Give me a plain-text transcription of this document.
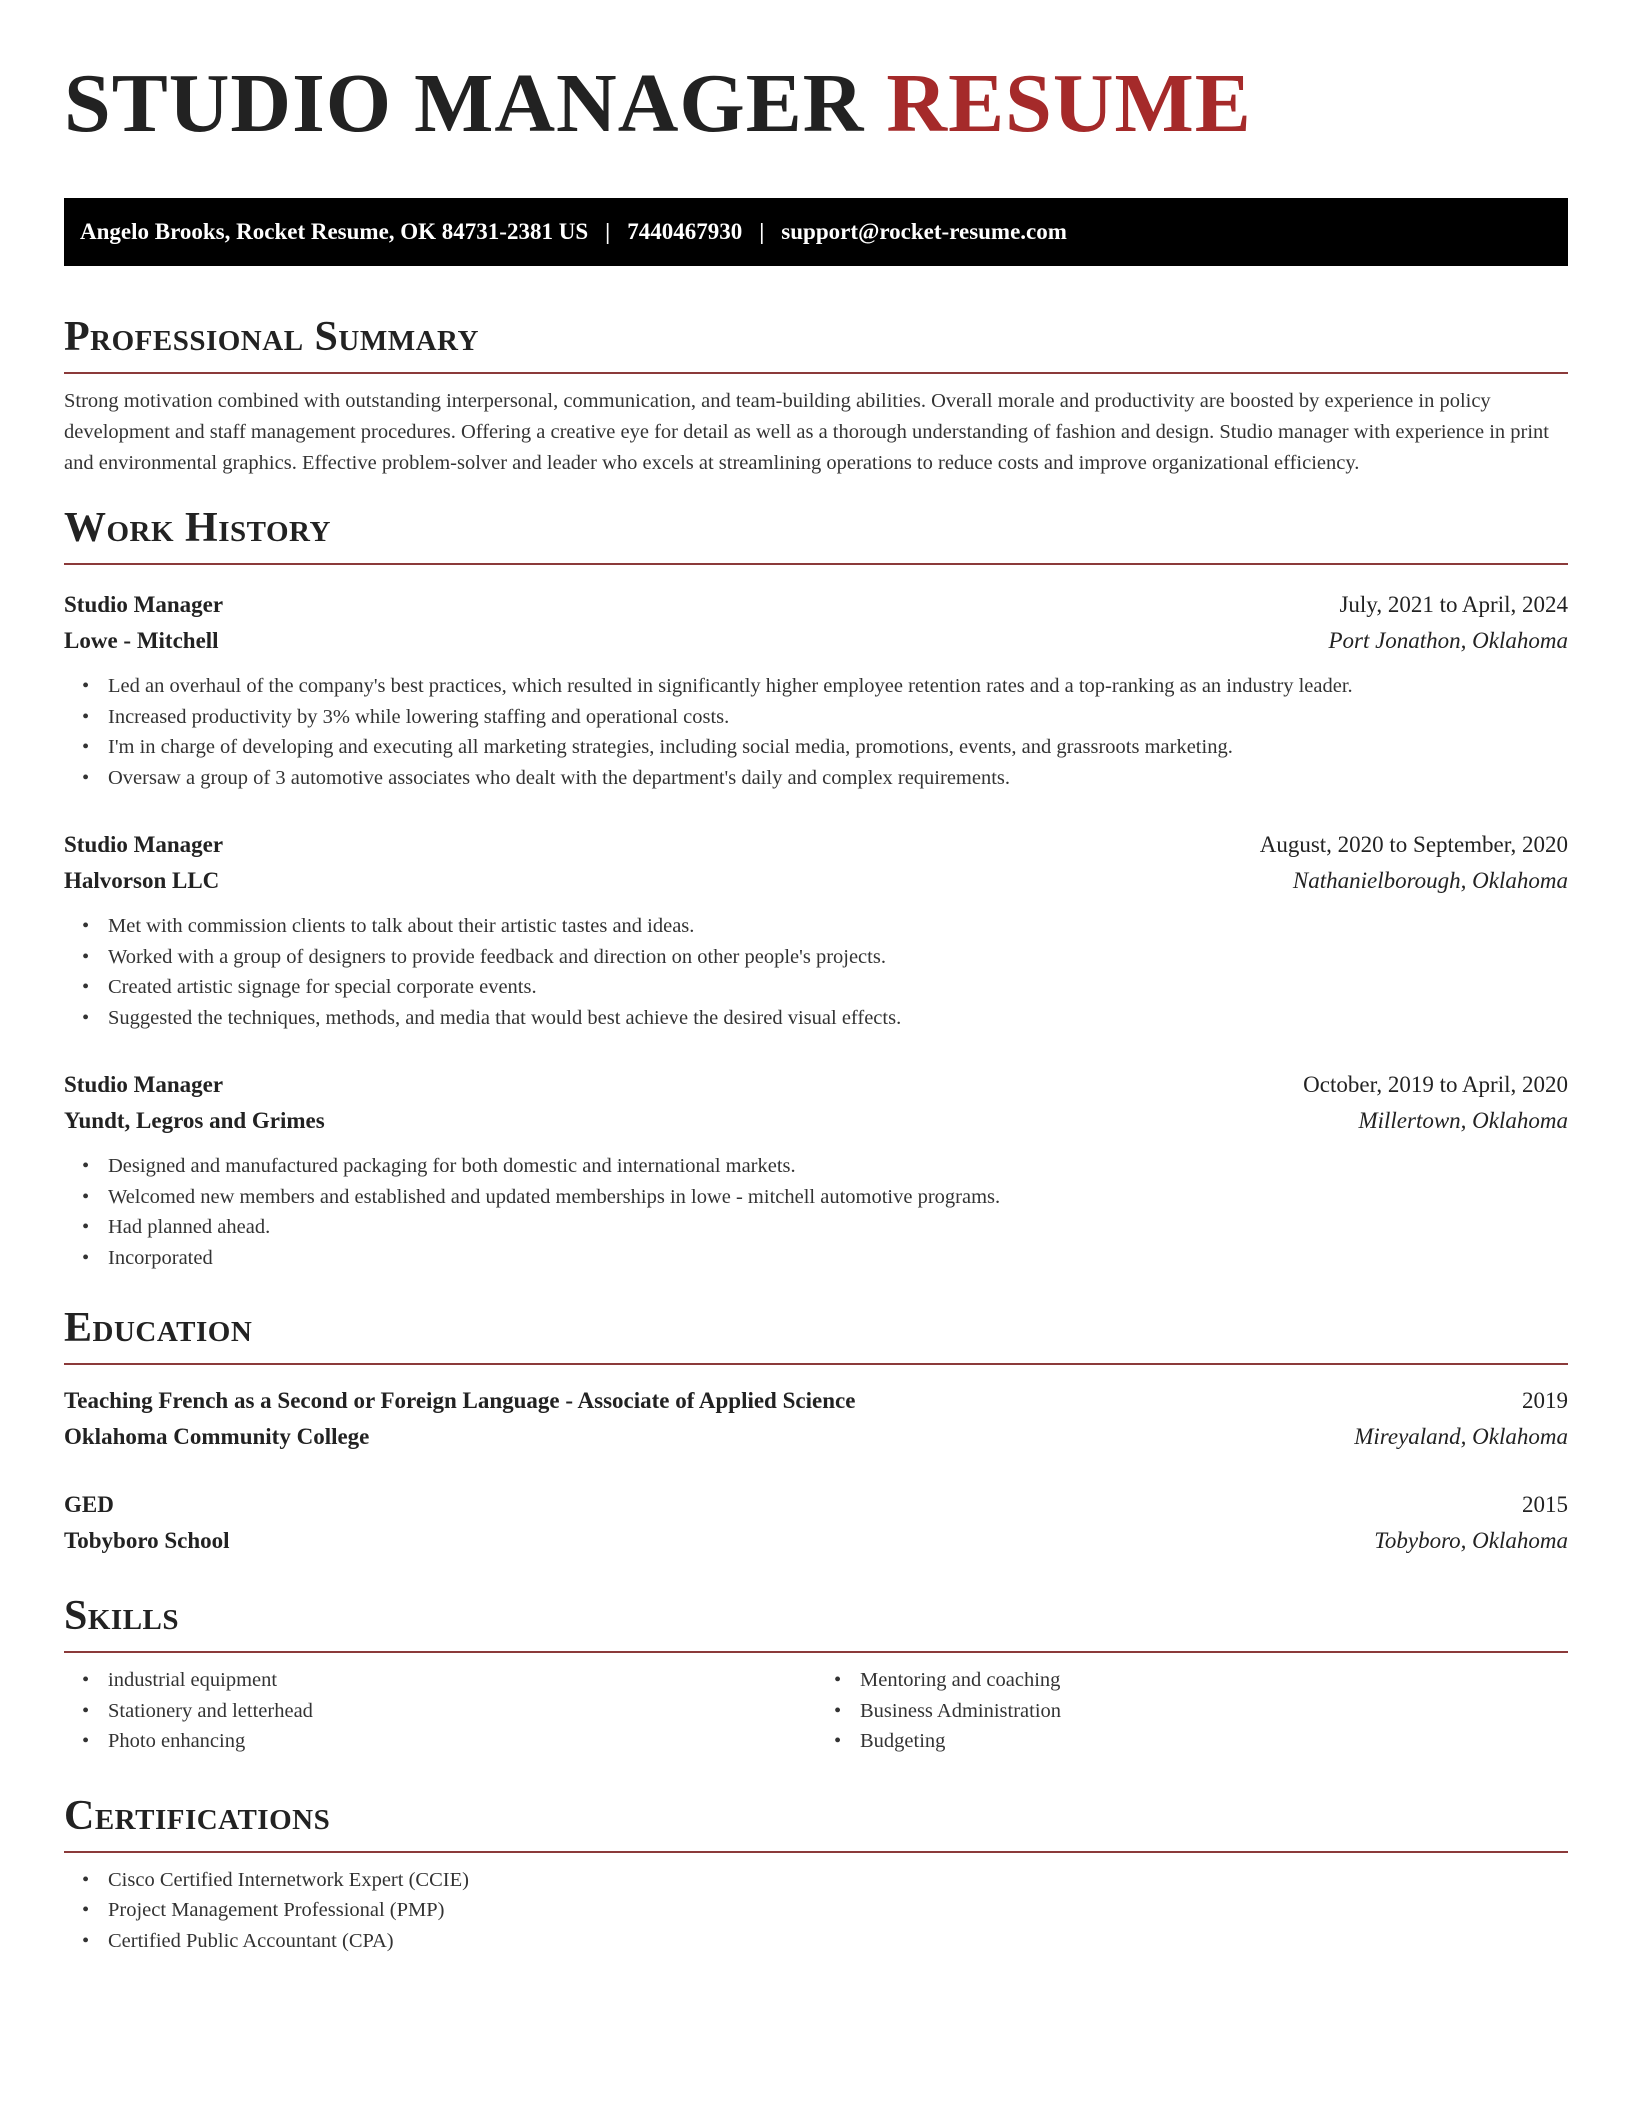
STUDIO MANAGER RESUME
Angelo Brooks, Rocket Resume, OK 84731-2381 US | 7440467930 | support@rocket-resume.com
Professional Summary

Strong motivation combined with outstanding interpersonal, communication, and team-building abilities. Overall morale and productivity are boosted by experience in policy development and staff management procedures. Offering a creative eye for detail as well as a thorough understanding of fashion and design. Studio manager with experience in print and environmental graphics. Effective problem-solver and leader who excels at streamlining operations to reduce costs and improve organizational efficiency.

Work History
Studio Manager	July, 2021 to April, 2024
Lowe - Mitchell	Port Jonathon, Oklahoma
• Led an overhaul of the company's best practices, which resulted in significantly higher employee retention rates and a top-ranking as an industry leader.
• Increased productivity by 3% while lowering staffing and operational costs.
• I'm in charge of developing and executing all marketing strategies, including social media, promotions, events, and grassroots marketing.
• Oversaw a group of 3 automotive associates who dealt with the department's daily and complex requirements.
Studio Manager	August, 2020 to September, 2020
Halvorson LLC	Nathanielborough, Oklahoma
• Met with commission clients to talk about their artistic tastes and ideas.
• Worked with a group of designers to provide feedback and direction on other people's projects.
• Created artistic signage for special corporate events.
• Suggested the techniques, methods, and media that would best achieve the desired visual effects.
Studio Manager	October, 2019 to April, 2020
Yundt, Legros and Grimes	Millertown, Oklahoma
• Designed and manufactured packaging for both domestic and international markets.
• Welcomed new members and established and updated memberships in lowe - mitchell automotive programs.
• Had planned ahead.
• Incorporated
Education
Teaching French as a Second or Foreign Language - Associate of Applied Science	2019
Oklahoma Community College	Mireyaland, Oklahoma
GED	2015
Tobyboro School	Tobyboro, Oklahoma
Skills
• industrial equipment
• Stationery and letterhead
• Photo enhancing
• Mentoring and coaching
• Business Administration
• Budgeting
Certifications
• Cisco Certified Internetwork Expert (CCIE)
• Project Management Professional (PMP)
• Certified Public Accountant (CPA)
